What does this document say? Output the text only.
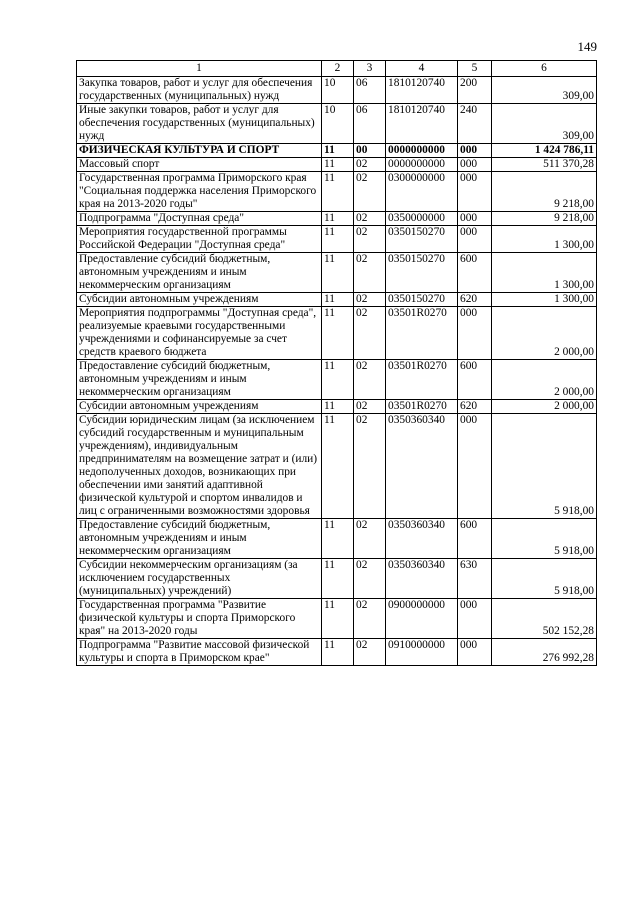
149
1	2	3	4	5	6
Закупка товаров, работ и услуг для обеспечения государственных (муниципальных) нужд	10	06	1810120740	200	309,00
Иные закупки товаров, работ и услуг для обеспечения государственных (муниципальных) нужд	10	06	1810120740	240	309,00
ФИЗИЧЕСКАЯ КУЛЬТУРА И СПОРТ	11	00	0000000000	000	1 424 786,11
Массовый спорт	11	02	0000000000	000	511 370,28
Государственная программа Приморского края "Социальная поддержка населения Приморского края на 2013-2020 годы"	11	02	0300000000	000	9 218,00
Подпрограмма "Доступная среда"	11	02	0350000000	000	9 218,00
Мероприятия государственной программы Российской Федерации "Доступная среда"	11	02	0350150270	000	1 300,00
Предоставление субсидий бюджетным, автономным учреждениям и иным некоммерческим организациям	11	02	0350150270	600	1 300,00
Субсидии автономным учреждениям	11	02	0350150270	620	1 300,00
Мероприятия подпрограммы "Доступная среда", реализуемые краевыми государственными учреждениями и софинансируемые за счет средств краевого бюджета	11	02	03501R0270	000	2 000,00
Предоставление субсидий бюджетным, автономным учреждениям и иным некоммерческим организациям	11	02	03501R0270	600	2 000,00
Субсидии автономным учреждениям	11	02	03501R0270	620	2 000,00
Субсидии юридическим лицам (за исключением субсидий государственным и муниципальным учреждениям), индивидуальным предпринимателям на возмещение затрат и (или) недополученных доходов, возникающих при обеспечении ими занятий адаптивной физической культурой и спортом инвалидов и лиц с ограниченными возможностями здоровья	11	02	0350360340	000	5 918,00
Предоставление субсидий бюджетным, автономным учреждениям и иным некоммерческим организациям	11	02	0350360340	600	5 918,00
Субсидии некоммерческим организациям (за исключением государственных (муниципальных) учреждений)	11	02	0350360340	630	5 918,00
Государственная программа "Развитие физической культуры и спорта Приморского края" на 2013-2020 годы	11	02	0900000000	000	502 152,28
Подпрограмма "Развитие массовой физической культуры и спорта в Приморском крае"	11	02	0910000000	000	276 992,28
